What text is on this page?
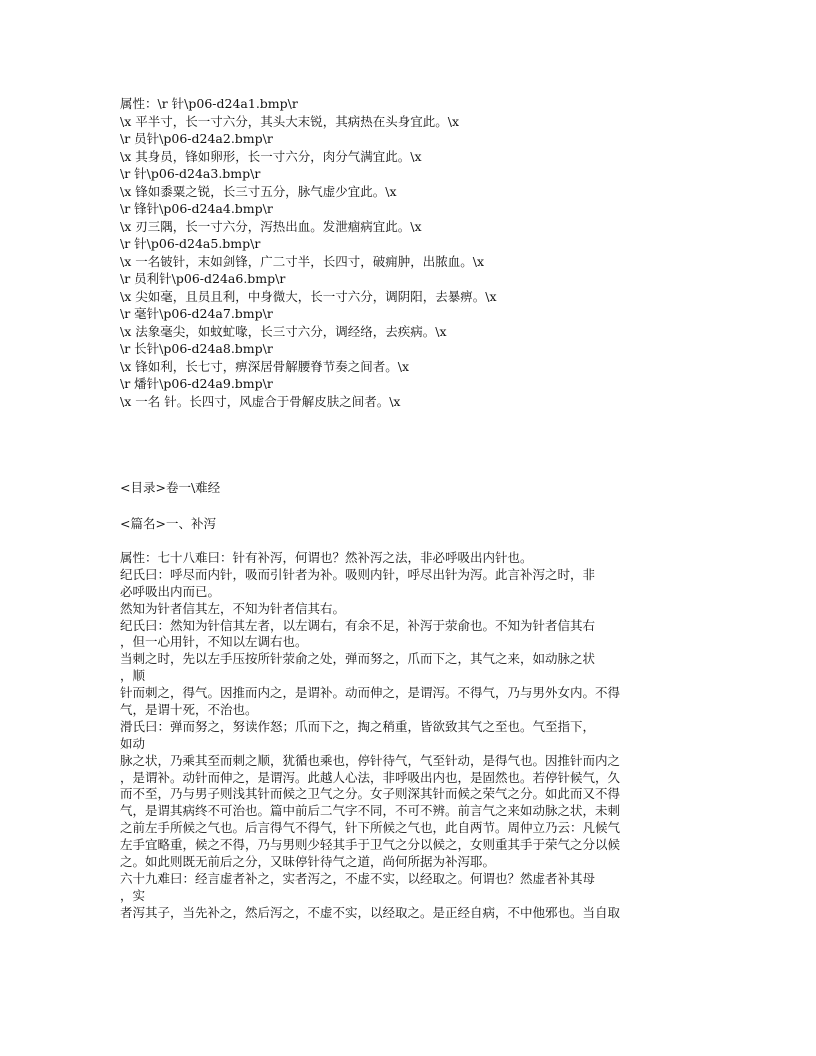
属性：\r 针\p06-d24a1.bmp\r
\x 平半寸，长一寸六分，其头大末锐，其病热在头身宜此。\x
\r 员针\p06-d24a2.bmp\r
\x 其身员，锋如卵形，长一寸六分，肉分气满宜此。\x
\r 针\p06-d24a3.bmp\r
\x 锋如黍粟之锐，长三寸五分，脉气虚少宜此。\x
\r 锋针\p06-d24a4.bmp\r
\x 刃三隅，长一寸六分，泻热出血。发泄痼病宜此。\x
\r 针\p06-d24a5.bmp\r
\x 一名铍针，末如剑锋，广二寸半，长四寸，破痈肿，出脓血。\x
\r 员利针\p06-d24a6.bmp\r
\x 尖如毫，且员且利，中身微大，长一寸六分，调阴阳，去暴痹。\x
\r 毫针\p06-d24a7.bmp\r
\x 法象毫尖，如蚊虻喙，长三寸六分，调经络，去疾病。\x
\r 长针\p06-d24a8.bmp\r
\x 锋如利，长七寸，痹深居骨解腰脊节奏之间者。\x
\r 燔针\p06-d24a9.bmp\r
\x 一名 针。长四寸，风虚合于骨解皮肤之间者。\x
<目录>卷一\难经
<篇名>一、补泻
属性：七十八难曰：针有补泻，何谓也？然补泻之法，非必呼吸出内针也。
纪氏曰：呼尽而内针，吸而引针者为补。吸则内针，呼尽出针为泻。此言补泻之时，非
必呼吸出内而已。
然知为针者信其左，不知为针者信其右。
纪氏曰：然知为针信其左者，以左调右，有余不足，补泻于荥俞也。不知为针者信其右
，但一心用针，不知以左调右也。
当刺之时，先以左手压按所针荥俞之处，弹而努之，爪而下之，其气之来，如动脉之状
，顺
针而刺之，得气。因推而内之，是谓补。动而伸之，是谓泻。不得气，乃与男外女内。不得
气，是谓十死，不治也。
滑氏曰：弹而努之，努读作怒；爪而下之，掏之稍重，皆欲致其气之至也。气至指下，
如动
脉之状，乃乘其至而刺之顺，犹循也乘也，停针待气，气至针动，是得气也。因推针而内之
，是谓补。动针而伸之，是谓泻。此越人心法，非呼吸出内也，是固然也。若停针候气，久
而不至，乃与男子则浅其针而候之卫气之分。女子则深其针而候之荣气之分。如此而又不得
气，是谓其病终不可治也。篇中前后二气字不同，不可不辨。前言气之来如动脉之状，未刺
之前左手所候之气也。后言得气不得气，针下所候之气也，此自两节。周仲立乃云：凡候气
左手宜略重，候之不得，乃与男则少轻其手于卫气之分以候之，女则重其手于荣气之分以候
之。如此则既无前后之分，又昧停针待气之道，尚何所据为补泻耶。
六十九难曰：经言虚者补之，实者泻之，不虚不实，以经取之。何谓也？然虚者补其母
，实
者泻其子，当先补之，然后泻之，不虚不实，以经取之。是正经自病，不中他邪也。当自取
